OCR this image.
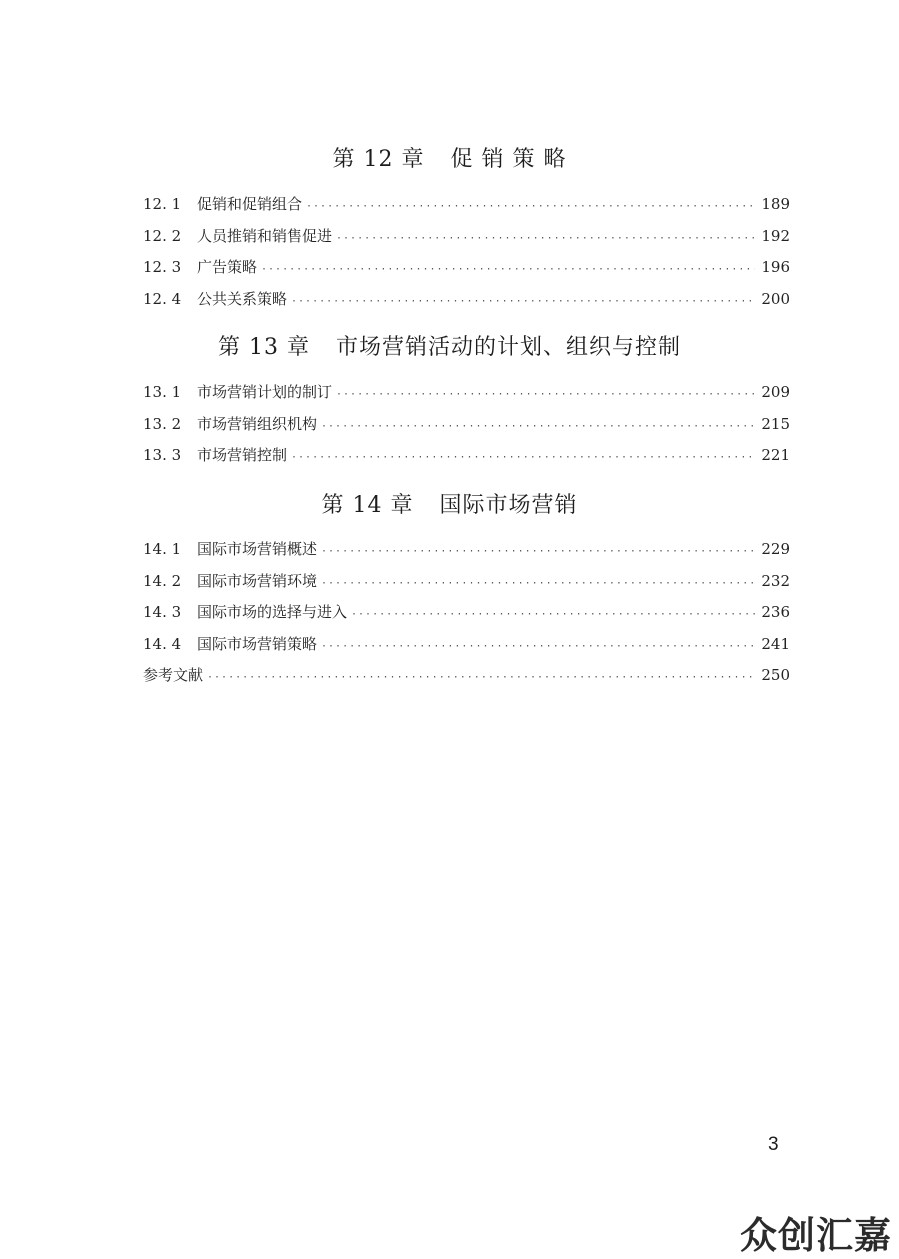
第 12 章 促 销 策 略
12. 1	促销和促销组合 ·····	189
12. 2	人员推销和销售促进 ·····	192
12. 3	广告策略 ·····	196
12. 4	公共关系策略 ·····	200
第 13 章 市场营销活动的计划、组织与控制
13. 1	市场营销计划的制订 ·····	209
13. 2	市场营销组织机构 ·····	215
13. 3	市场营销控制 ·····	221
第 14 章 国际市场营销
14. 1	国际市场营销概述 ·····	229
14. 2	国际市场营销环境 ·····	232
14. 3	国际市场的选择与进入 ·····	236
14. 4	国际市场营销策略 ·····	241
参考文献 ·····	250
3
众创汇嘉
